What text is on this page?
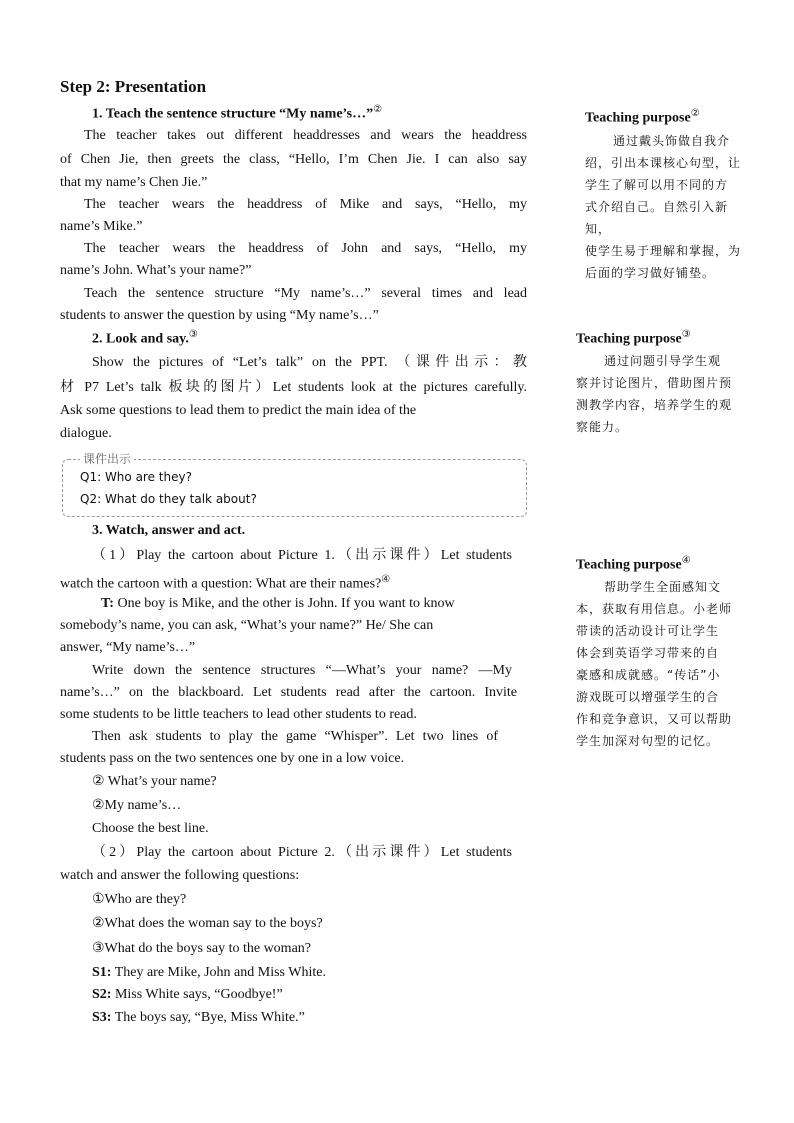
Step 2: Presentation
1. Teach the sentence structure “My name’s…”②
The teacher takes out different headdresses and wears the headdress
of Chen Jie, then greets the class, “Hello, I’m Chen Jie. I can also say
that my name’s Chen Jie.”
The teacher wears the headdress of Mike and says, “Hello, my
name’s Mike.”
The teacher wears the headdress of John and says, “Hello, my
name’s John. What’s your name?”
Teach the sentence structure “My name’s…” several times and lead
students to answer the question by using “My name’s…”
2. Look and say.③
Show the pictures of “Let’s talk” on the PPT. （课件出示：教
材 P7 Let’s talk 板块的图片）Let students look at the pictures carefully.
Ask some questions to lead them to predict the main idea of the
dialogue.
课件出示
Q1: Who are they?
Q2: What do they talk about?
3. Watch, answer and act.
（1）Play the cartoon about Picture 1.（出示课件）Let students
watch the cartoon with a question: What are their names?④
T: One boy is Mike, and the other is John. If you want to know
somebody’s name, you can ask, “What’s your name?” He/ She can
answer, “My name’s…”
Write down the sentence structures “—What’s your name? —My
name’s…” on the blackboard. Let students read after the cartoon. Invite
some students to be little teachers to lead other students to read.
Then ask students to play the game “Whisper”. Let two lines of
students pass on the two sentences one by one in a low voice.
② What’s your name?
②My name’s…
Choose the best line.
（2）Play the cartoon about Picture 2.（出示课件）Let students
watch and answer the following questions:
①Who are they?
②What does the woman say to the boys?
③What do the boys say to the woman?
S1: They are Mike, John and Miss White.
S2: Miss White says, “Goodbye!”
S3: The boys say, “Bye, Miss White.”
Teaching purpose②
通过戴头饰做自我介
绍，引出本课核心句型，让
学生了解可以用不同的方
式介绍自己。自然引入新知，
使学生易于理解和掌握，为
后面的学习做好铺垫。
Teaching purpose③
通过问题引导学生观
察并讨论图片，借助图片预
测教学内容，培养学生的观
察能力。
Teaching purpose④
帮助学生全面感知文
本，获取有用信息。小老师
带读的活动设计可让学生
体会到英语学习带来的自
豪感和成就感。“传话”小
游戏既可以增强学生的合
作和竞争意识，又可以帮助
学生加深对句型的记忆。
